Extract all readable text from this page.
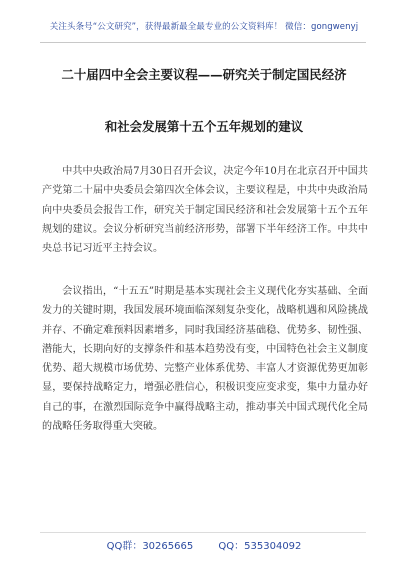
关注头条号“公文研究”，获得最新最全最专业的公文资料库！ 微信：gongwenyj
二十届四中全会主要议程——研究关于制定国民经济
和社会发展第十五个五年规划的建议

中共中央政治局7月30日召开会议，决定今年10月在北京召开中国共产党第二十届中央委员会第四次全体会议，主要议程是，中共中央政治局向中央委员会报告工作，研究关于制定国民经济和社会发展第十五个五年规划的建议。会议分析研究当前经济形势，部署下半年经济工作。中共中央总书记习近平主持会议。

会议指出，“十五五”时期是基本实现社会主义现代化夯实基础、全面发力的关键时期，我国发展环境面临深刻复杂变化，战略机遇和风险挑战并存、不确定难预料因素增多，同时我国经济基础稳、优势多、韧性强、潜能大，长期向好的支撑条件和基本趋势没有变，中国特色社会主义制度优势、超大规模市场优势、完整产业体系优势、丰富人才资源优势更加彰显，要保持战略定力，增强必胜信心，积极识变应变求变，集中力量办好自己的事，在激烈国际竞争中赢得战略主动，推动事关中国式现代化全局的战略任务取得重大突破。

QQ群：30265665	QQ：535304092
